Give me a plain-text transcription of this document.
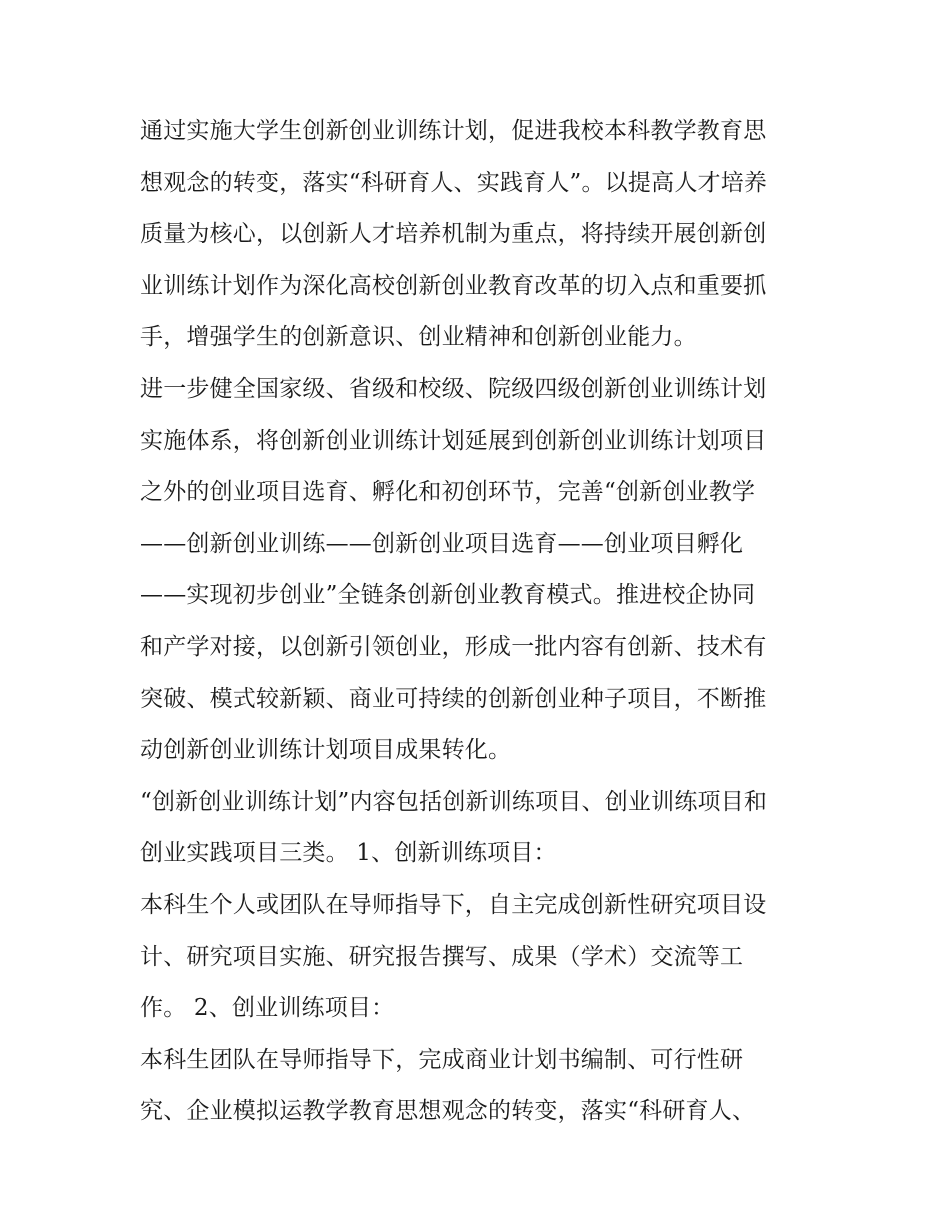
通过实施大学生创新创业训练计划，促进我校本科教学教育思
想观念的转变，落实“科研育人、实践育人”。以提高人才培养
质量为核心，以创新人才培养机制为重点，将持续开展创新创
业训练计划作为深化高校创新创业教育改革的切入点和重要抓
手，增强学生的创新意识、创业精神和创新创业能力。
进一步健全国家级、省级和校级、院级四级创新创业训练计划
实施体系，将创新创业训练计划延展到创新创业训练计划项目
之外的创业项目选育、孵化和初创环节，完善“创新创业教学
——创新创业训练——创新创业项目选育——创业项目孵化
——实现初步创业”全链条创新创业教育模式。推进校企协同
和产学对接，以创新引领创业，形成一批内容有创新、技术有
突破、模式较新颖、商业可持续的创新创业种子项目，不断推
动创新创业训练计划项目成果转化。
“创新创业训练计划”内容包括创新训练项目、创业训练项目和
创业实践项目三类。 1、创新训练项目：
本科生个人或团队在导师指导下，自主完成创新性研究项目设
计、研究项目实施、研究报告撰写、成果（学术）交流等工
作。 2、创业训练项目：
本科生团队在导师指导下，完成商业计划书编制、可行性研
究、企业模拟运教学教育思想观念的转变，落实“科研育人、
